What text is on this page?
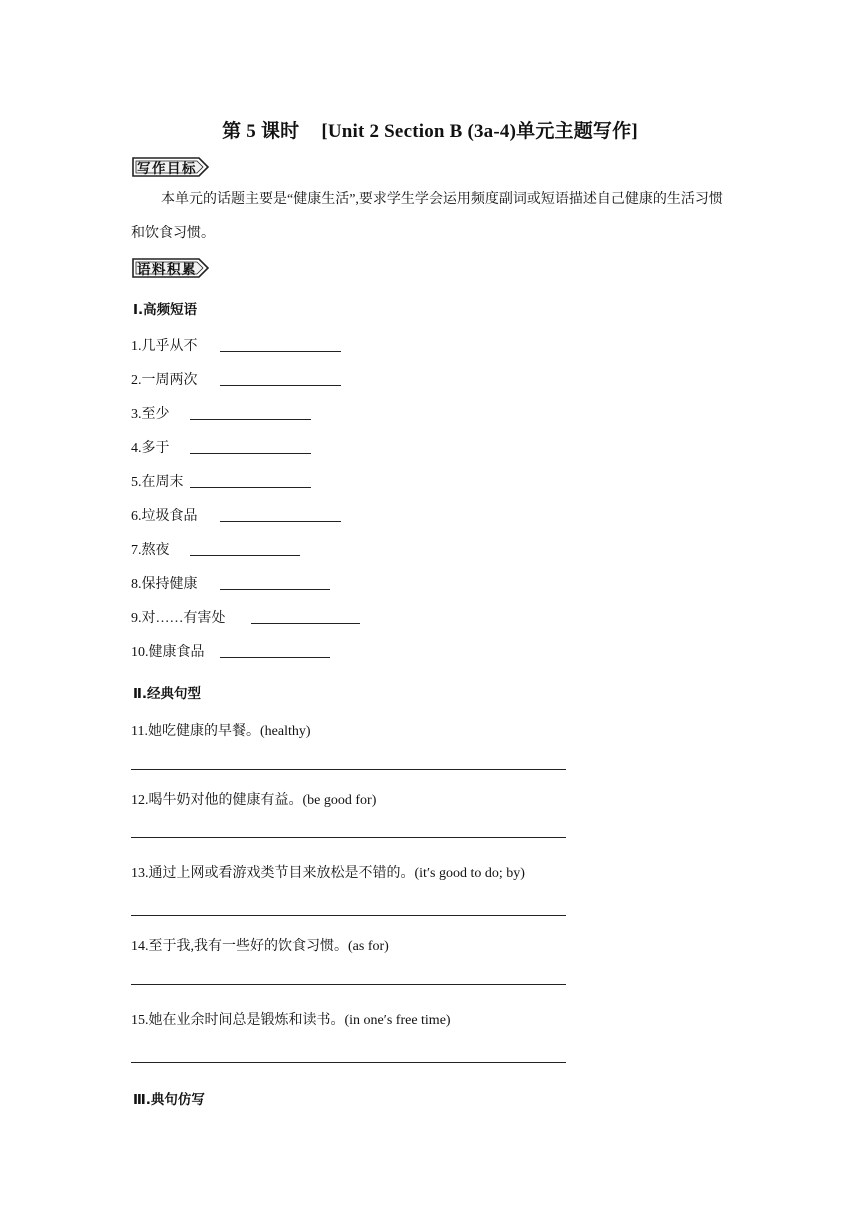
第 5 课时 [Unit 2 Section B (3a-4)单元主题写作]
写作目标
本单元的话题主要是“健康生活”,要求学生学会运用频度副词或短语描述自己健康的生活习惯和饮食习惯。
语料积累
Ⅰ.高频短语
1.几乎从不
2.一周两次
3.至少
4.多于
5.在周末
6.垃圾食品
7.熬夜
8.保持健康
9.对……有害处
10.健康食品
Ⅱ.经典句型
11.她吃健康的早餐。(healthy)
12.喝牛奶对他的健康有益。(be good for)
13.通过上网或看游戏类节目来放松是不错的。(it′s good to do; by)
14.至于我,我有一些好的饮食习惯。(as for)
15.她在业余时间总是锻炼和读书。(in one′s free time)
Ⅲ.典句仿写
